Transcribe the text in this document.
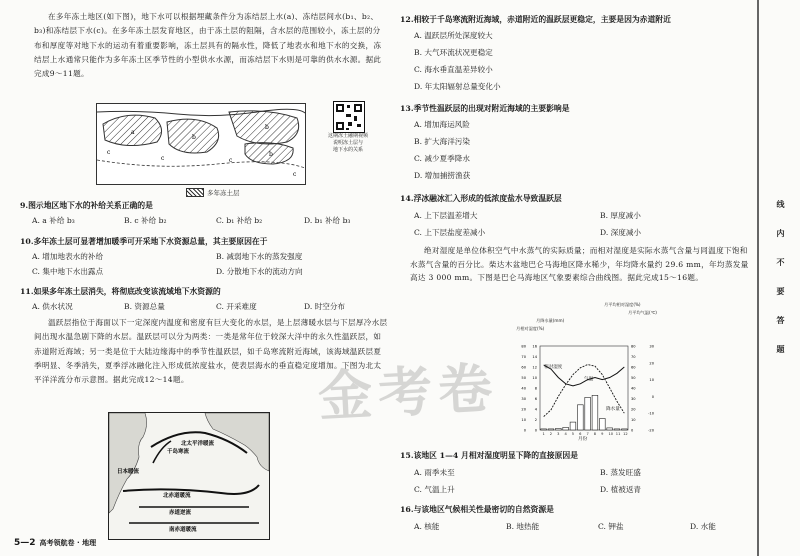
在多年冻土地区(如下图)，地下水可以根据埋藏条件分为冻结层上水(a)、冻结层间水(b₁、b₂、b₃)和冻结层下水(c)。在多年冻土层发育地区，由于冻土层的阻隔，含水层的范围较小，冻土层的分布和厚度等对地下水的运动有着重要影响，冻土层具有的隔水性，降低了地表水和地下水的交换，冻结层上水通常只能作为多年冻土区季节性的小型供水水源，而冻结层下水则是可靠的供水水源。据此完成9～11题。

a
b
b
c
c	c
c
b
多年冻土层
这期冻土融期视频
说明冻土层与
地下水的关系
9.图示地区地下水的补给关系正确的是
A. a 补给 b₃	B. c 补给 b₂	C. b₁ 补给 b₂	D. b₁ 补给 b₃
10.多年冻土层可显著增加暖季可开采地下水资源总量，其主要原因在于
A. 增加地表水的补给	B. 减弱地下水的蒸发强度
C. 集中地下水出露点	D. 分散地下水的流动方向
11.如果多年冻土层消失，将彻底改变该流域地下水资源的
A. 供水状况	B. 资源总量	C. 开采难度	D. 时空分布

温跃层指位于海面以下一定深度内温度和密度有巨大变化的水层，是上层薄暖水层与下层厚冷水层间出现水温急剧下降的水层。温跃层可以分为两类：一类是常年位于较深大洋中的永久性温跃层，如赤道附近海域；另一类是位于大陆边缘海中的季节性温跃层，如千岛寒流附近海域，该海域温跃层夏季明显、冬季消失，夏季浮冰融化注入形成低浓度盐水，使表层海水的垂直稳定度增加。下图为北太平洋洋流分布示意图。据此完成12～14题。

千岛寒流
北太平洋暖流
日本暖流
北赤道暖流
赤道逆流
南赤道暖流
5—2 高考领航卷 · 地理
12.相较于千岛寒流附近海域，赤道附近的温跃层更稳定，主要是因为赤道附近
A. 温跃层所处深度较大
B. 大气环流状况更稳定
C. 海水垂直温差异较小
D. 年太阳辐射总量变化小
13.季节性温跃层的出现对附近海域的主要影响是
A. 增加海运风险
B. 扩大海洋污染
C. 减少夏季降水
D. 增加捕捞渔获
14.浮冰融冰汇入形成的低浓度盐水导致温跃层
A. 上下层温差增大	B. 厚度减小
C. 上下层盐度差减小	D. 深度减小

绝对湿度是单位体积空气中水蒸气的实际质量；而相对湿度是实际水蒸气含量与同温度下饱和水蒸气含量的百分比。柴达木盆地巴仑马海地区降水稀少，年均降水量约 29.6 mm，年均蒸发量高达 3 000 mm。下图是巴仑马海地区气象要素综合曲线图。据此完成15～16题。

月相对湿度(%)
月降水量(mm)
月平均相对湿度(%)
月平均气温(℃)
80
70
60
50
40
30
20
10
0
16
14
12
10
8
6
4
2
0
80
70
60
50
40
30
20
10
0
30
20
10
0
-10
-20
相对湿度
气温
降水量
月份
1 2 3 4 5 6 7 8 9 10 11 12
15.该地区 1—4 月相对湿度明显下降的直接原因是
A. 雨季未至	B. 蒸发旺盛
C. 气温上升	D. 植被返青
16.与该地区气候相关性最密切的自然资源是
A. 核能	B. 地热能	C. 钾盐	D. 水能
金考卷
线
内
不
要
答
题
